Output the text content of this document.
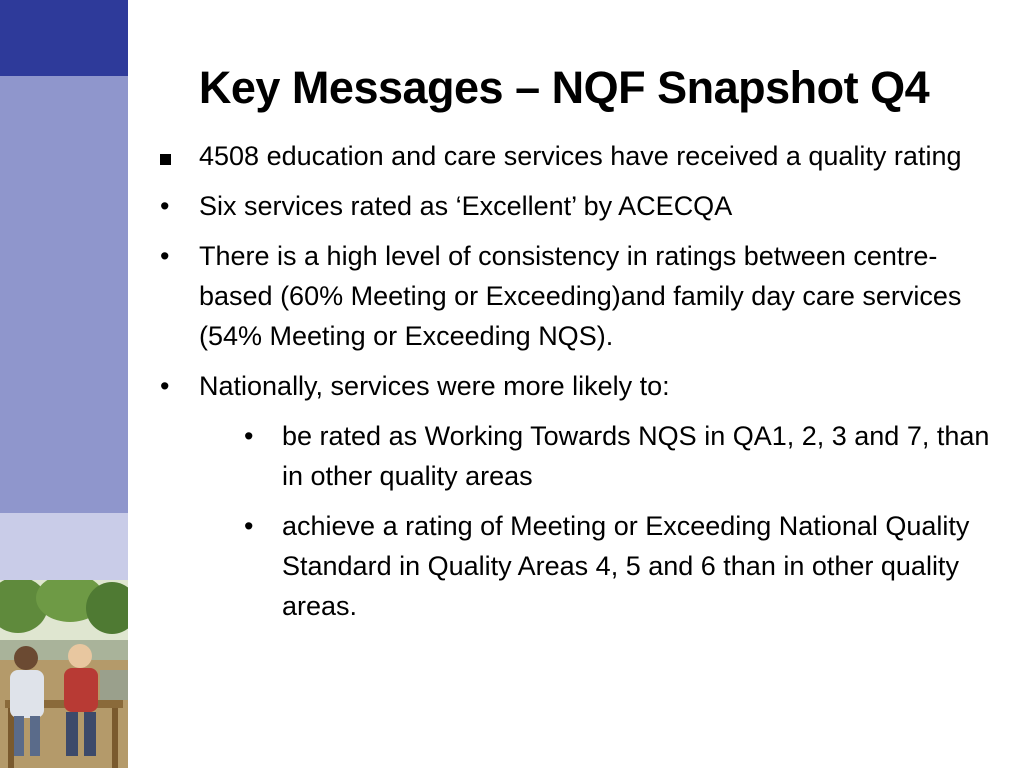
Key Messages – NQF Snapshot Q4
4508 education and care services have received a quality rating
•	Six services rated as ‘Excellent’ by ACECQA
•	There is a high level of consistency in ratings between centre-based (60% Meeting or Exceeding)and family day care services (54% Meeting or Exceeding NQS).
•	Nationally, services were more likely to:
•	be rated as Working Towards NQS in QA1, 2, 3 and 7, than in other quality areas
•	achieve a rating of Meeting or Exceeding National Quality Standard in Quality Areas 4, 5 and 6 than in other quality areas.
